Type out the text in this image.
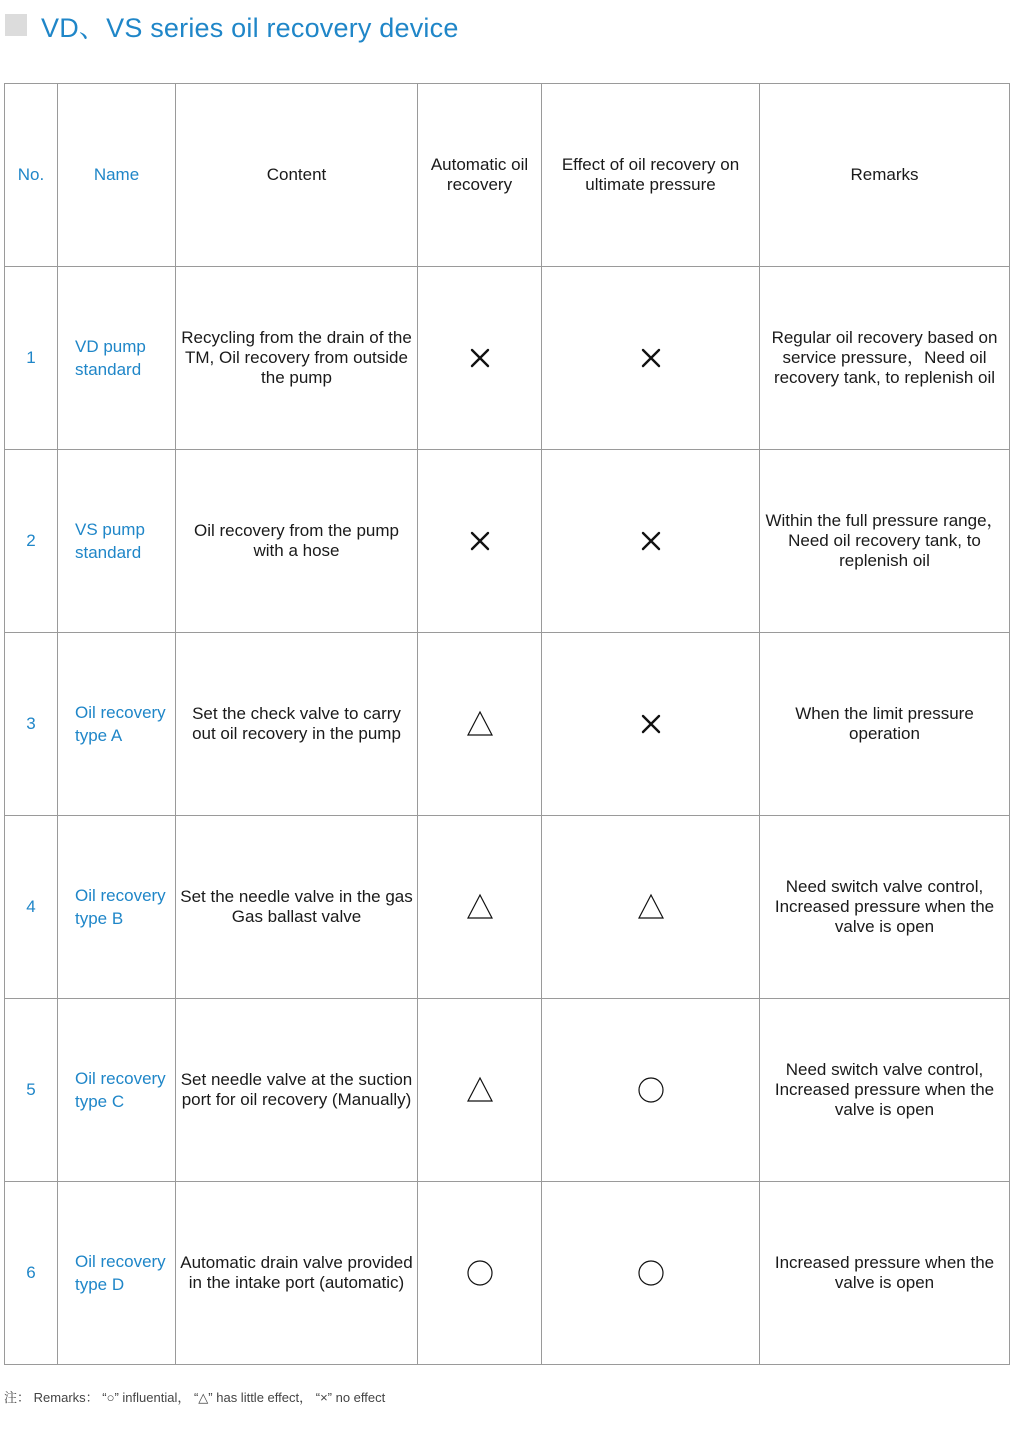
VD、VS series oil recovery device
No.	Name	Content	Automatic oil recovery	Effect of oil recovery on ultimate pressure	Remarks
1	VD pump standard	Recycling from the drain of the TM, Oil recovery from outside the pump			Regular oil recovery based on service pressure，Need oil recovery tank, to replenish oil
2	VS pump standard	Oil recovery from the pump with a hose			Within the full pressure range，Need oil recovery tank, to replenish oil
3	Oil recovery type A	Set the check valve to carry out oil recovery in the pump			When the limit pressure operation
4	Oil recovery type B	Set the needle valve in the gas Gas ballast valve			Need switch valve control, Increased pressure when the valve is open
5	Oil recovery type C	Set needle valve at the suction port for oil recovery (Manually)			Need switch valve control, Increased pressure when the valve is open
6	Oil recovery type D	Automatic drain valve provided in the intake port (automatic)			Increased pressure when the valve is open
注： Remarks： “○” influential， “△” has little effect， “×” no effect
